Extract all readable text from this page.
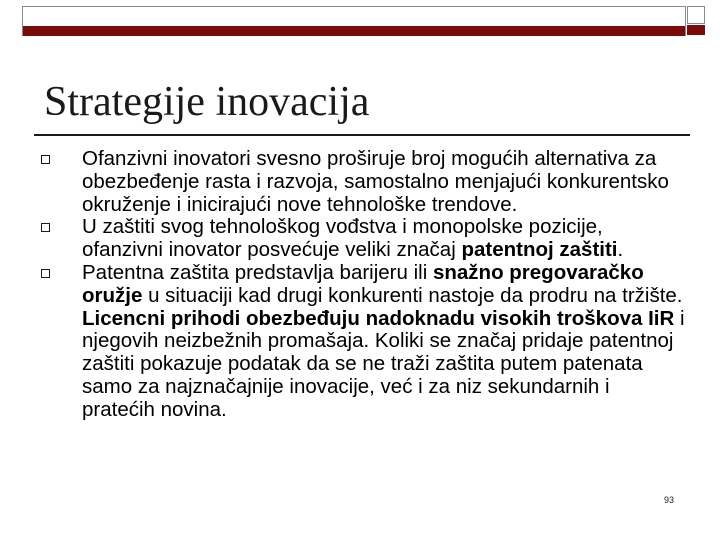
Strategije inovacija
Ofanzivni inovatori svesno proširuje broj mogućih alternativa za obezbeđenje rasta i razvoja, samostalno menjajući konkurentsko okruženje i inicirajući nove tehnološke trendove.
U zaštiti svog tehnološkog vođstva i monopolske pozicije, ofanzivni inovator posvećuje veliki značaj patentnoj zaštiti.
Patentna zaštita predstavlja barijeru ili snažno pregovaračko oružje u situaciji kad drugi konkurenti nastoje da prodru na tržište. Licencni prihodi obezbeđuju nadoknadu visokih troškova IiR i njegovih neizbežnih promašaja. Koliki se značaj pridaje patentnoj zaštiti pokazuje podatak da se ne traži zaštita putem patenata samo za najznačajnije inovacije, već i za niz sekundarnih i pratećih novina.
93
